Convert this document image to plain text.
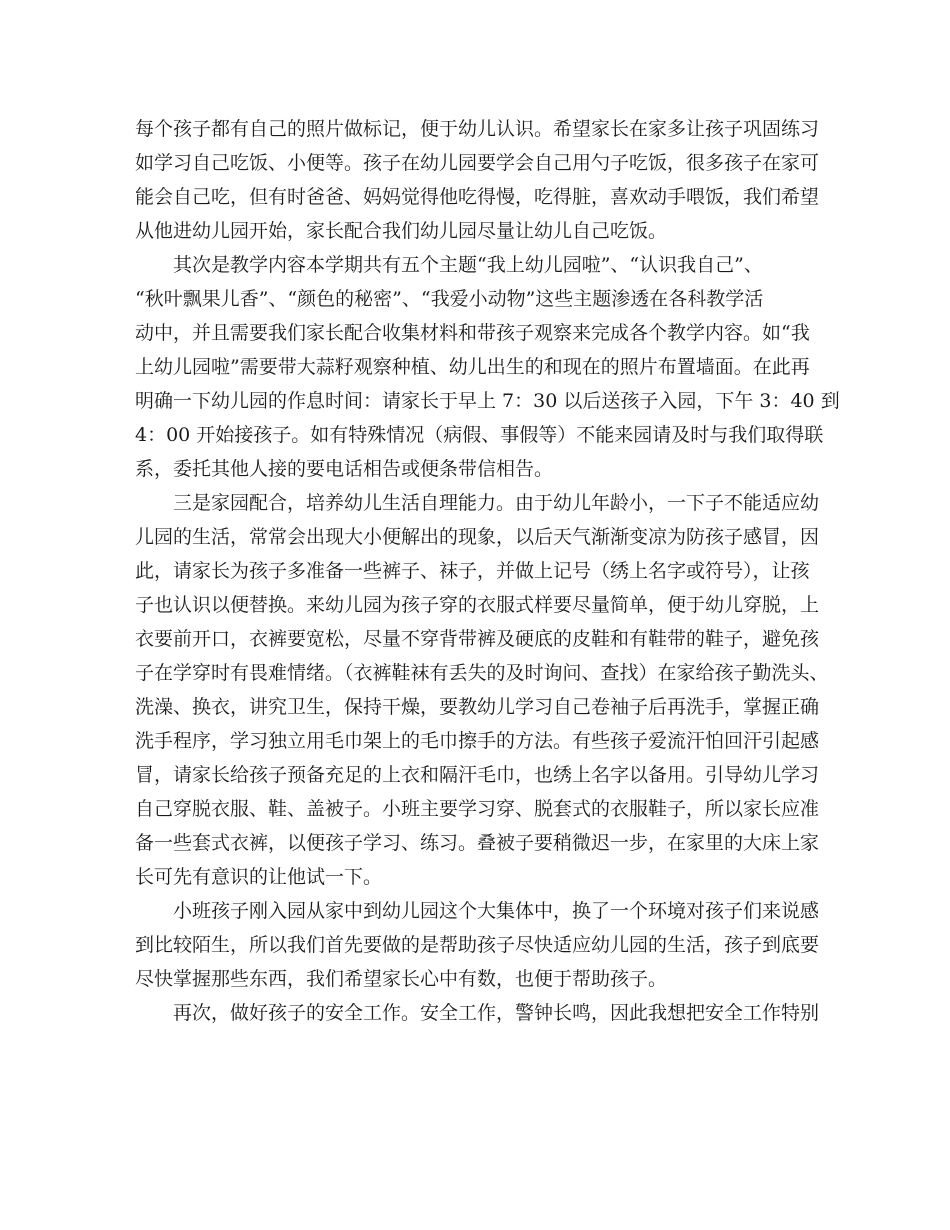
每个孩子都有自己的照片做标记，便于幼儿认识。希望家长在家多让孩子巩固练习
如学习自己吃饭、小便等。孩子在幼儿园要学会自己用勺子吃饭，很多孩子在家可
能会自己吃，但有时爸爸、妈妈觉得他吃得慢，吃得脏，喜欢动手喂饭，我们希望
从他进幼儿园开始，家长配合我们幼儿园尽量让幼儿自己吃饭。
　　其次是教学内容本学期共有五个主题“我上幼儿园啦”、“认识我自己”、
“秋叶飘果儿香”、“颜色的秘密”、“我爱小动物”这些主题渗透在各科教学活
动中，并且需要我们家长配合收集材料和带孩子观察来完成各个教学内容。如“我
上幼儿园啦”需要带大蒜籽观察种植、幼儿出生的和现在的照片布置墙面。在此再
明确一下幼儿园的作息时间：请家长于早上 7：30 以后送孩子入园，下午 3：40 到
4：00 开始接孩子。如有特殊情况（病假、事假等）不能来园请及时与我们取得联
系，委托其他人接的要电话相告或便条带信相告。
　　三是家园配合，培养幼儿生活自理能力。由于幼儿年龄小，一下子不能适应幼
儿园的生活，常常会出现大小便解出的现象，以后天气渐渐变凉为防孩子感冒，因
此，请家长为孩子多准备一些裤子、袜子，并做上记号（绣上名字或符号），让孩
子也认识以便替换。来幼儿园为孩子穿的衣服式样要尽量简单，便于幼儿穿脱，上
衣要前开口，衣裤要宽松，尽量不穿背带裤及硬底的皮鞋和有鞋带的鞋子，避免孩
子在学穿时有畏难情绪。（衣裤鞋袜有丢失的及时询问、查找）在家给孩子勤洗头、
洗澡、换衣，讲究卫生，保持干燥，要教幼儿学习自己卷袖子后再洗手，掌握正确
洗手程序，学习独立用毛巾架上的毛巾擦手的方法。有些孩子爱流汗怕回汗引起感
冒，请家长给孩子预备充足的上衣和隔汗毛巾，也绣上名字以备用。引导幼儿学习
自己穿脱衣服、鞋、盖被子。小班主要学习穿、脱套式的衣服鞋子，所以家长应准
备一些套式衣裤，以便孩子学习、练习。叠被子要稍微迟一步，在家里的大床上家
长可先有意识的让他试一下。
　　小班孩子刚入园从家中到幼儿园这个大集体中，换了一个环境对孩子们来说感
到比较陌生，所以我们首先要做的是帮助孩子尽快适应幼儿园的生活，孩子到底要
尽快掌握那些东西，我们希望家长心中有数，也便于帮助孩子。
　　再次，做好孩子的安全工作。安全工作，警钟长鸣，因此我想把安全工作特别
